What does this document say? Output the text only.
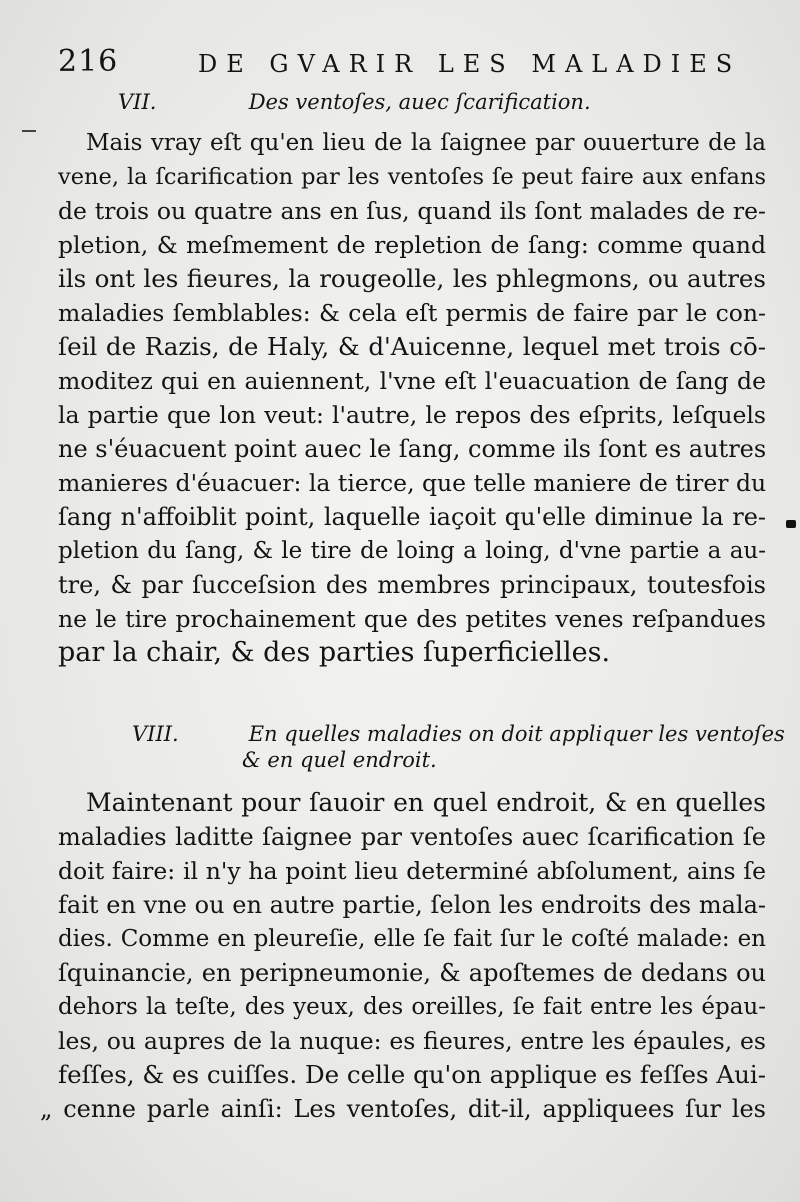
216	DE GVARIR LES MALADIES
VII.	Des ventoſes, auec ſcarification.
Mais vray eſt qu'en lieu de la ſaignee par ouuerture de la
vene, la ſcarification par les ventoſes ſe peut faire aux enfans
de trois ou quatre ans en ſus, quand ils ſont malades de re-
pletion, & meſmement de repletion de ſang: comme quand
ils ont les fieures, la rougeolle, les phlegmons, ou autres
maladies ſemblables: & cela eſt permis de faire par le con-
ſeil de Razis, de Haly, & d'Auicenne, lequel met trois cō-
moditez qui en auiennent, l'vne eſt l'euacuation de ſang de
la partie que lon veut: l'autre, le repos des eſprits, leſquels
ne s'éuacuent point auec le ſang, comme ils ſont es autres
manieres d'éuacuer: la tierce, que telle maniere de tirer du
ſang n'affoiblit point, laquelle iaçoit qu'elle diminue la re-
pletion du ſang, & le tire de loing a loing, d'vne partie a au-
tre, & par ſucceſsion des membres principaux, toutesfois
ne le tire prochainement que des petites venes reſpandues
par la chair, & des parties ſuperficielles.
VIII.	En quelles maladies on doit appliquer les ventoſes
& en quel endroit.
Maintenant pour ſauoir en quel endroit, & en quelles
maladies laditte ſaignee par ventoſes auec ſcarification ſe
doit faire: il n'y ha point lieu determiné abſolument, ains ſe
fait en vne ou en autre partie, ſelon les endroits des mala-
dies. Comme en pleureſie, elle ſe fait ſur le coſté malade: en
ſquinancie, en peripneumonie, & apoſtemes de dedans ou
dehors la teſte, des yeux, des oreilles, ſe fait entre les épau-
les, ou aupres de la nuque: es fieures, entre les épaules, es
feſſes, & es cuiſſes. De celle qu'on applique es feſſes Aui-
„ cenne parle ainſi: Les ventoſes, dit-il, appliquees ſur les
